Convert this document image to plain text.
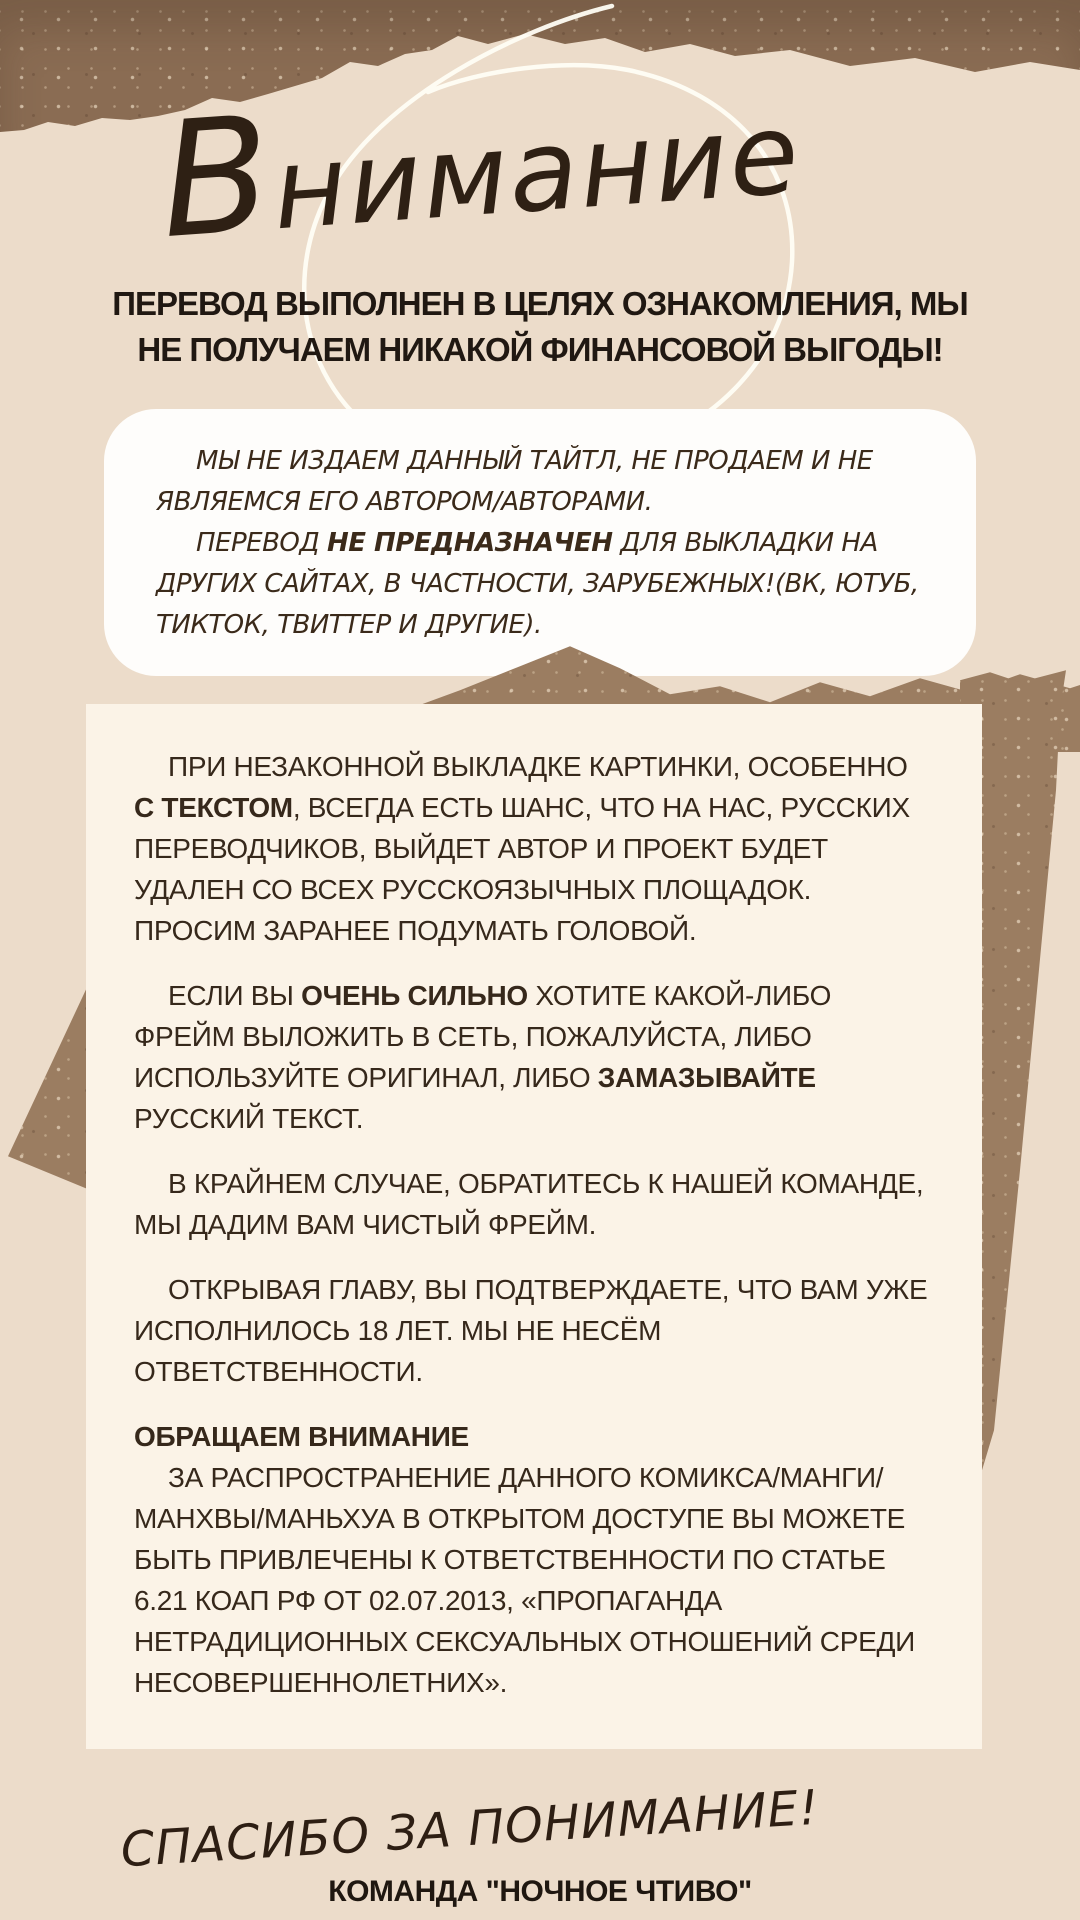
Внимание
ПЕРЕВОД ВЫПОЛНЕН В ЦЕЛЯХ ОЗНАКОМЛЕНИЯ, МЫ
НЕ ПОЛУЧАЕМ НИКАКОЙ ФИНАНСОВОЙ ВЫГОДЫ!

МЫ НЕ ИЗДАЕМ ДАННЫЙ ТАЙТЛ, НЕ ПРОДАЕМ И НЕ ЯВЛЯЕМСЯ ЕГО АВТОРОМ/АВТОРАМИ.

ПЕРЕВОД НЕ ПРЕДНАЗНАЧЕН ДЛЯ ВЫКЛАДКИ НА ДРУГИХ САЙТАХ, В ЧАСТНОСТИ, ЗАРУБЕЖНЫХ!(ВК, ЮТУБ, ТИКТОК, ТВИТТЕР И ДРУГИЕ).

ПРИ НЕЗАКОННОЙ ВЫКЛАДКЕ КАРТИНКИ, ОСОБЕННО С ТЕКСТОМ, ВСЕГДА ЕСТЬ ШАНС, ЧТО НА НАС, РУССКИХ ПЕРЕВОДЧИКОВ, ВЫЙДЕТ АВТОР И ПРОЕКТ БУДЕТ УДАЛЕН СО ВСЕХ РУССКОЯЗЫЧНЫХ ПЛОЩАДОК. ПРОСИМ ЗАРАНЕЕ ПОДУМАТЬ ГОЛОВОЙ.

ЕСЛИ ВЫ ОЧЕНЬ СИЛЬНО ХОТИТЕ КАКОЙ-ЛИБО ФРЕЙМ ВЫЛОЖИТЬ В СЕТЬ, ПОЖАЛУЙСТА, ЛИБО ИСПОЛЬЗУЙТЕ ОРИГИНАЛ, ЛИБО ЗАМАЗЫВАЙТЕ РУССКИЙ ТЕКСТ.

В КРАЙНЕМ СЛУЧАЕ, ОБРАТИТЕСЬ К НАШЕЙ КОМАНДЕ, МЫ ДАДИМ ВАМ ЧИСТЫЙ ФРЕЙМ.

ОТКРЫВАЯ ГЛАВУ, ВЫ ПОДТВЕРЖДАЕТЕ, ЧТО ВАМ УЖЕ ИСПОЛНИЛОСЬ 18 ЛЕТ. МЫ НЕ НЕСЁМ ОТВЕТСТВЕННОСТИ.

ОБРАЩАЕМ ВНИМАНИЕ

ЗА РАСПРОСТРАНЕНИЕ ДАННОГО КОМИКСА/МАНГИ/МАНХВЫ/МАНЬХУА В ОТКРЫТОМ ДОСТУПЕ ВЫ МОЖЕТЕ БЫТЬ ПРИВЛЕЧЕНЫ К ОТВЕТСТВЕННОСТИ ПО СТАТЬЕ 6.21 КОАП РФ ОТ 02.07.2013, «ПРОПАГАНДА НЕТРАДИЦИОННЫХ СЕКСУАЛЬНЫХ ОТНОШЕНИЙ СРЕДИ НЕСОВЕРШЕННОЛЕТНИХ».

СПАСИБО ЗА ПОНИМАНИЕ!
КОМАНДА "НОЧНОЕ ЧТИВО"
